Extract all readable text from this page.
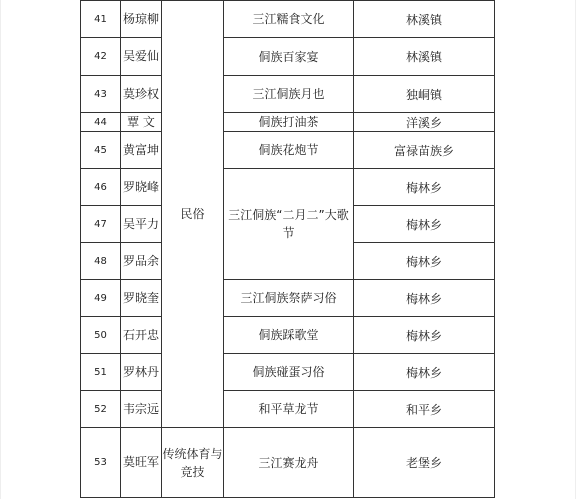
41	杨琼柳	民俗	三江糯食文化	林溪镇
42	吴爱仙		侗族百家宴	林溪镇
43	莫珍权		三江侗族月也	独峒镇
44	覃 文		侗族打油茶	洋溪乡
45	黄富坤		侗族花炮节	富禄苗族乡
46	罗晓峰		三江侗族“二月二”大歌节	梅林乡
47	吴平力			梅林乡
48	罗品余			梅林乡
49	罗晓奎		三江侗族祭萨习俗	梅林乡
50	石开忠		侗族踩歌堂	梅林乡
51	罗林丹		侗族碰蛋习俗	梅林乡
52	韦宗远		和平草龙节	和平乡
53	莫旺军	传统体育与竞技	三江赛龙舟	老堡乡
